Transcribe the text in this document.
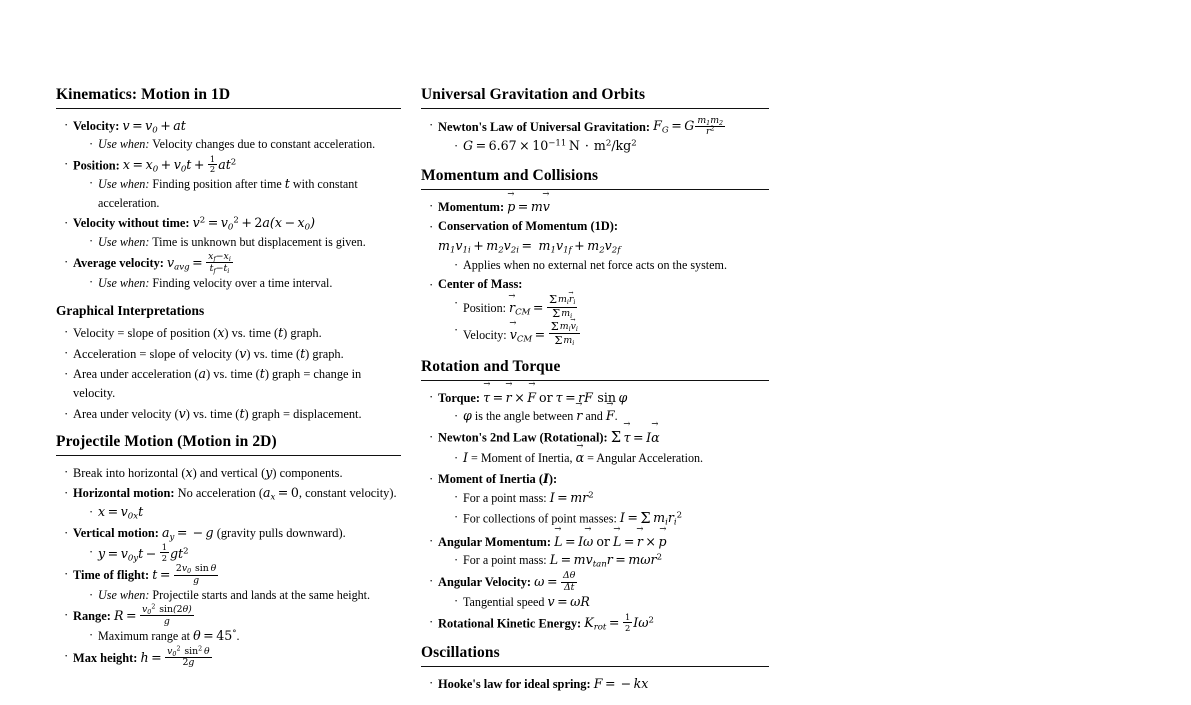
Kinematics: Motion in 1D
· Velocity: $v = v_0$ + at
· Use when: Velocity changes due to constant acceleration.
· Position: $x = x_0 + v_0t + \frac{1}{2} at^2$
· Use when: Finding position after time t with constant acceleration.
· Velocity without time: $v^2 = v_0^2 + 2a(x - x_0)$
· Use when: Time is unknown but displacement is given.
· Average velocity: $v_{avg} = \frac{x_f-x_i}{t_f-t_i}$
· Use when: Finding velocity over a time interval.
Graphical Interpretations
· Velocity = slope of position (x) vs. time (t) graph.
· Acceleration = slope of velocity (v) vs. time (t) graph.
· Area under acceleration (a) vs. time (t) graph = change in velocity.
· Area under velocity (v) vs. time (t) graph = displacement.
Projectile Motion (Motion in 2D)
· Break into horizontal (x) and vertical (y) components.
· Horizontal motion: No acceleration ($a_x = 0$, constant velocity).
· $x = v_{0x}t$
· Vertical motion: $a_y$ = − g (gravity pulls downward).
· $y = v_{0y}t - \frac{1}{2} gt^2$
· Time of flight: $t = \frac{2v_0 \sin \theta}{g}$
· Use when: Projectile starts and lands at the same height.
· Range: $R = \frac{v_0^2 \sin(2\theta)}{g}$
· Maximum range at θ = 45°.
· Max height: $h = \frac{v_0^2 \sin^2 \theta}{2g}$
Universal Gravitation and Orbits
· Newton's Law of Universal Gravitation: $F_G = G \frac{m_1m_2}{r^2}$
· $G = 6.67 \times 10^{-11}$  $N \cdot m^2/kg^2$
Momentum and Collisions
· Momentum: p → = mv →
· Conservation of Momentum (1D): $m_1v_{1i} + m_2v_{2i} = m_1v_{1f} + m_2v_{2f}$
· Applies when no external net force acts on the system.
· Center of Mass:
· Position: $r \to_{CM} = \frac{\Sigma m_ir \to_i}{\Sigma m_i}$
· Velocity: $v \to_{CM} = \frac{\Sigma m_iv \to_i}{\Sigma m_i}$
Rotation and Torque
· Torque: τ → = r → × F → or τ = rF sin φ
· φ is the angle between r → and F →.
· Newton's 2nd Law (Rotational): Σ  τ → = Iα →
· I = Moment of Inertia, α → = Angular Acceleration.
· Moment of Inertia (I):
· For a point mass: $I = mr^2$
· For collections of point masses: I = Σ $m_ir_i^2$
· Angular Momentum: L → = Iω → or L → = r → × p →
· For a point mass: $L = mv_{tan}r = m\omega r^2$
· Angular Velocity: $\omega = \frac{\Delta\theta}{\Delta t}$
· Tangential speed v = ωR
· Rotational Kinetic Energy: $K_{rot} = \frac{1}{2} I\omega^2$
Oscillations
· Hooke's law for ideal spring: F = − kx
